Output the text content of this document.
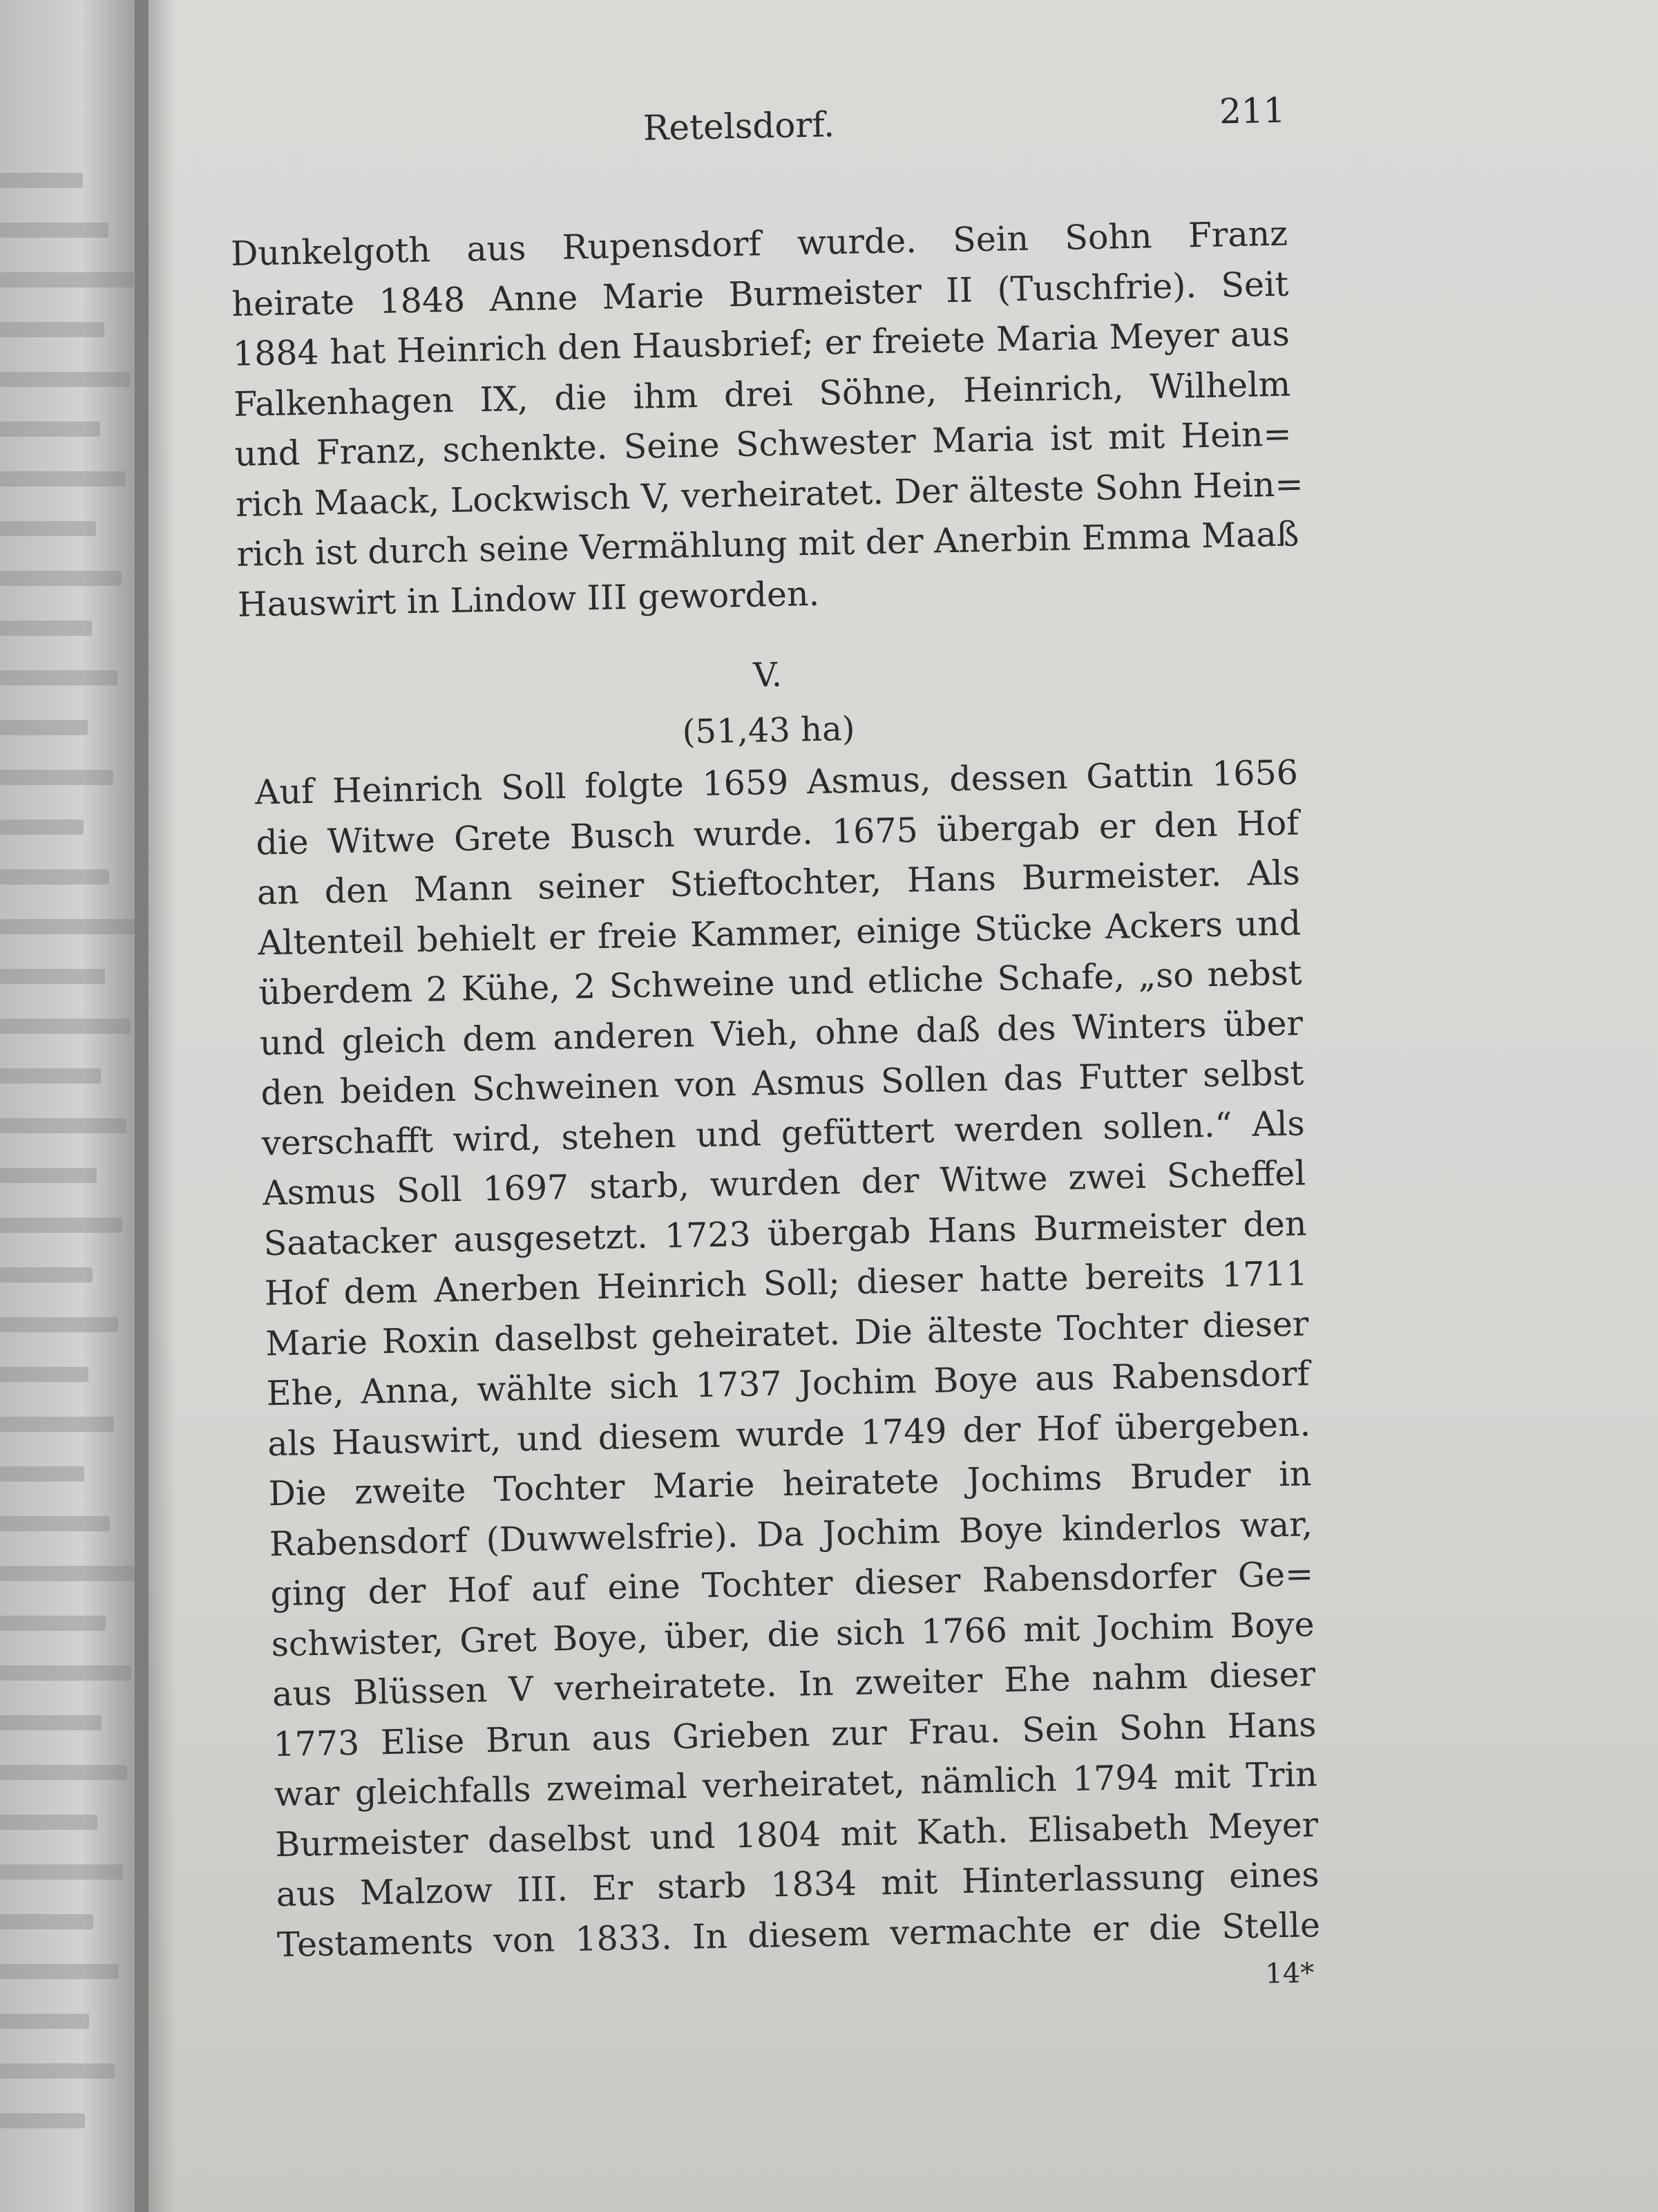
Retelsdorf.	211
Dunkelgoth aus Rupensdorf wurde. Sein Sohn Franz
heirate 1848 Anne Marie Burmeister II (Tuschfrie). Seit
1884 hat Heinrich den Hausbrief; er freiete Maria Meyer aus
Falkenhagen IX, die ihm drei Söhne, Heinrich, Wilhelm
und Franz, schenkte. Seine Schwester Maria ist mit Hein=
rich Maack, Lockwisch V, verheiratet. Der älteste Sohn Hein=
rich ist durch seine Vermählung mit der Anerbin Emma Maaß
Hauswirt in Lindow III geworden.
V.
(51,43 ha)
Auf Heinrich Soll folgte 1659 Asmus, dessen Gattin 1656
die Witwe Grete Busch wurde. 1675 übergab er den Hof
an den Mann seiner Stieftochter, Hans Burmeister. Als
Altenteil behielt er freie Kammer, einige Stücke Ackers und
überdem 2 Kühe, 2 Schweine und etliche Schafe, „so nebst
und gleich dem anderen Vieh, ohne daß des Winters über
den beiden Schweinen von Asmus Sollen das Futter selbst
verschafft wird, stehen und gefüttert werden sollen.“ Als
Asmus Soll 1697 starb, wurden der Witwe zwei Scheffel
Saatacker ausgesetzt. 1723 übergab Hans Burmeister den
Hof dem Anerben Heinrich Soll; dieser hatte bereits 1711
Marie Roxin daselbst geheiratet. Die älteste Tochter dieser
Ehe, Anna, wählte sich 1737 Jochim Boye aus Rabensdorf
als Hauswirt, und diesem wurde 1749 der Hof übergeben.
Die zweite Tochter Marie heiratete Jochims Bruder in
Rabensdorf (Duwwelsfrie). Da Jochim Boye kinderlos war,
ging der Hof auf eine Tochter dieser Rabensdorfer Ge=
schwister, Gret Boye, über, die sich 1766 mit Jochim Boye
aus Blüssen V verheiratete. In zweiter Ehe nahm dieser
1773 Elise Brun aus Grieben zur Frau. Sein Sohn Hans
war gleichfalls zweimal verheiratet, nämlich 1794 mit Trin
Burmeister daselbst und 1804 mit Kath. Elisabeth Meyer
aus Malzow III. Er starb 1834 mit Hinterlassung eines
Testaments von 1833. In diesem vermachte er die Stelle
14*
